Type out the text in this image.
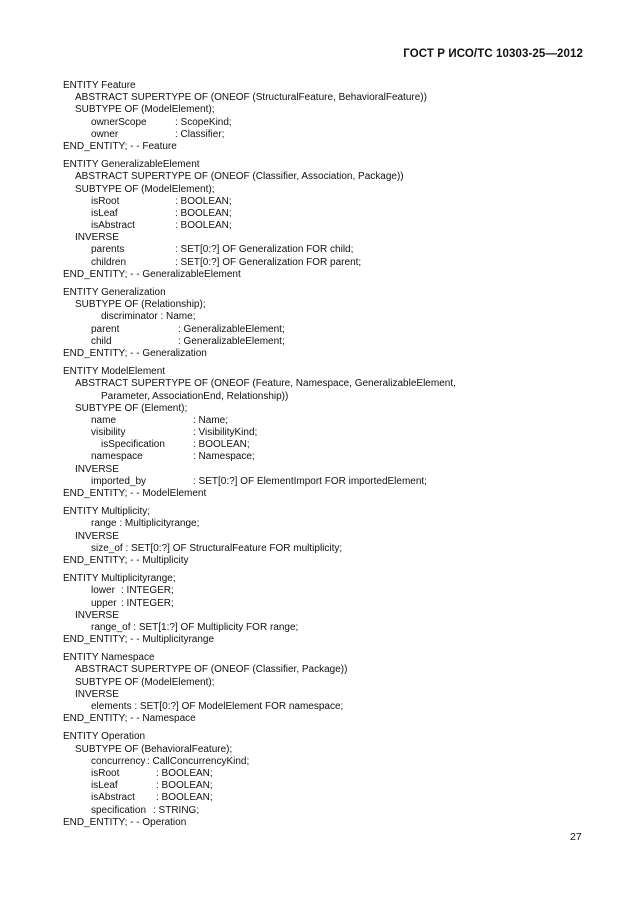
ГОСТ Р ИСО/ТС 10303-25—2012
ENTITY Feature
ABSTRACT SUPERTYPE OF (ONEOF (StructuralFeature, BehavioralFeature))
SUBTYPE OF (ModelElement);
ownerScope	: ScopeKind;
owner	: Classifier;
END_ENTITY; - - Feature
ENTITY GeneralizableElement
ABSTRACT SUPERTYPE OF (ONEOF (Classifier, Association, Package))
SUBTYPE OF (ModelElement);
isRoot	: BOOLEAN;
isLeaf	: BOOLEAN;
isAbstract	: BOOLEAN;
INVERSE
parents	: SET[0:?] OF Generalization FOR child;
children	: SET[0:?] OF Generalization FOR parent;
END_ENTITY; - - GeneralizableElement
ENTITY Generalization
SUBTYPE OF (Relationship);
discriminator : Name;
parent	: GeneralizableElement;
child	: GeneralizableElement;
END_ENTITY; - - Generalization
ENTITY ModelElement
ABSTRACT SUPERTYPE OF (ONEOF (Feature, Namespace, GeneralizableElement,
Parameter, AssociationEnd, Relationship))
SUBTYPE OF (Element);
name	: Name;
visibility	: VisibilityKind;
isSpecification	: BOOLEAN;
namespace	: Namespace;
INVERSE
imported_by	: SET[0:?] OF ElementImport FOR importedElement;
END_ENTITY; - - ModelElement
ENTITY Multiplicity;
range : Multiplicityrange;
INVERSE
size_of : SET[0:?] OF StructuralFeature FOR multiplicity;
END_ENTITY; - - Multiplicity
ENTITY Multiplicityrange;
lower : INTEGER;
upper : INTEGER;
INVERSE
range_of : SET[1:?] OF Multiplicity FOR range;
END_ENTITY; - - Multiplicityrange
ENTITY Namespace
ABSTRACT SUPERTYPE OF (ONEOF (Classifier, Package))
SUBTYPE OF (ModelElement);
INVERSE
elements : SET[0:?] OF ModelElement FOR namespace;
END_ENTITY; - - Namespace
ENTITY Operation
SUBTYPE OF (BehavioralFeature);
concurrency : CallConcurrencyKind;
isRoot	: BOOLEAN;
isLeaf	: BOOLEAN;
isAbstract : BOOLEAN;
specification : STRING;
END_ENTITY; - - Operation
27
